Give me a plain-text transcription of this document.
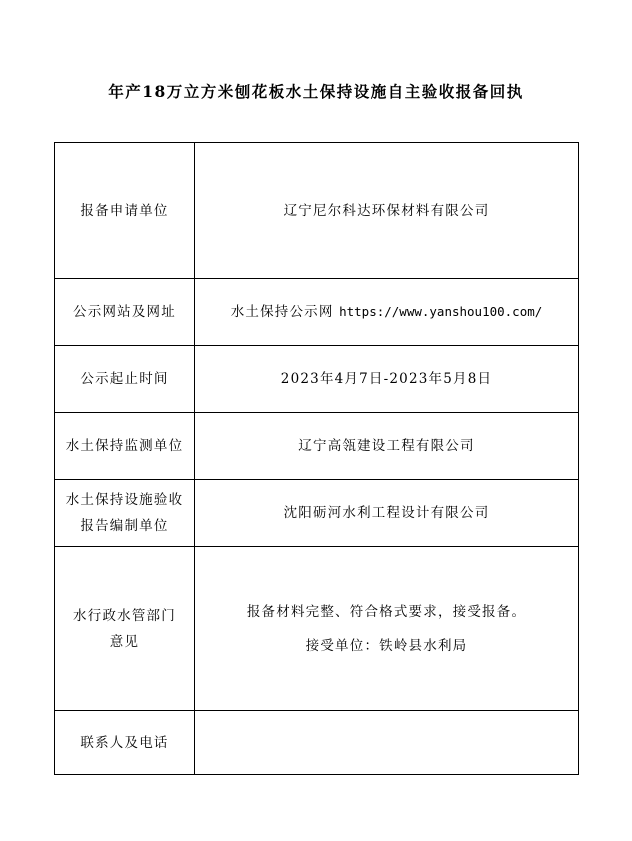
年产18万立方米刨花板水土保持设施自主验收报备回执
报备申请单位	辽宁尼尔科达环保材料有限公司
公示网站及网址	水土保持公示网 https://www.yanshou100.com/
公示起止时间	2023年4月7日-2023年5月8日
水土保持监测单位	辽宁高瓴建设工程有限公司

水土保持设施验收
报告编制单位	沈阳砺河水利工程设计有限公司

水行政水管部门
意见	报备材料完整、符合格式要求，接受报备。
接受单位：铁岭县水利局

联系人及电话	
